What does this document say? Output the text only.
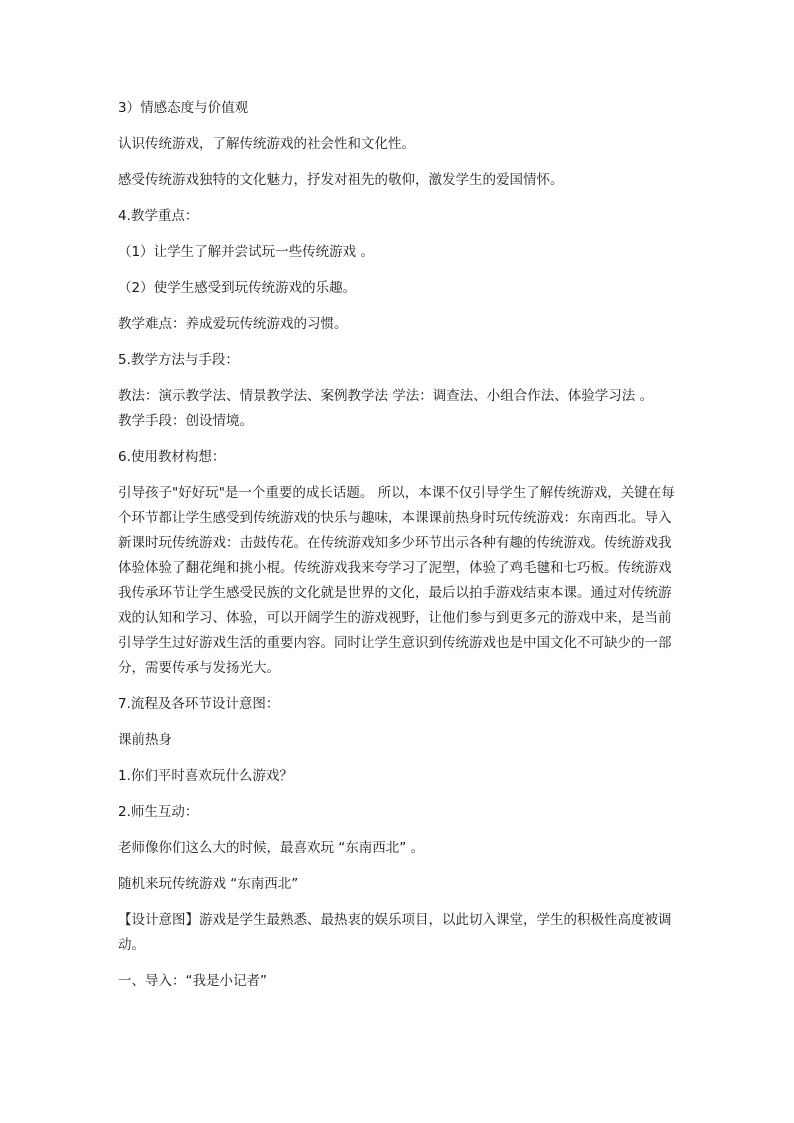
3）情感态度与价值观

认识传统游戏，了解传统游戏的社会性和文化性。

感受传统游戏独特的文化魅力，抒发对祖先的敬仰，激发学生的爱国情怀。

4.教学重点：

（1）让学生了解并尝试玩一些传统游戏 。

（2）使学生感受到玩传统游戏的乐趣。

教学难点：养成爱玩传统游戏的习惯。

5.教学方法与手段：

教法：演示教学法、情景教学法、案例教学法 学法：调查法、小组合作法、体验学习法 。

教学手段：创设情境。

6.使用教材构想：

引导孩子"好好玩"是一个重要的成长话题。 所以，本课不仅引导学生了解传统游戏，关键在每个环节都让学生感受到传统游戏的快乐与趣味，本课课前热身时玩传统游戏：东南西北。导入新课时玩传统游戏：击鼓传花。在传统游戏知多少环节出示各种有趣的传统游戏。传统游戏我体验体验了翻花绳和挑小棍。传统游戏我来夸学习了泥塑，体验了鸡毛毽和七巧板。传统游戏我传承环节让学生感受民族的文化就是世界的文化，最后以拍手游戏结束本课。通过对传统游戏的认知和学习、体验，可以开阔学生的游戏视野，让他们参与到更多元的游戏中来，是当前引导学生过好游戏生活的重要内容。同时让学生意识到传统游戏也是中国文化不可缺少的一部分，需要传承与发扬光大。

7.流程及各环节设计意图：

课前热身

1.你们平时喜欢玩什么游戏？

2.师生互动：

老师像你们这么大的时候，最喜欢玩 “东南西北” 。

随机来玩传统游戏 “东南西北”

【设计意图】游戏是学生最熟悉、最热衷的娱乐项目，以此切入课堂，学生的积极性高度被调动。

一、导入：“我是小记者”
